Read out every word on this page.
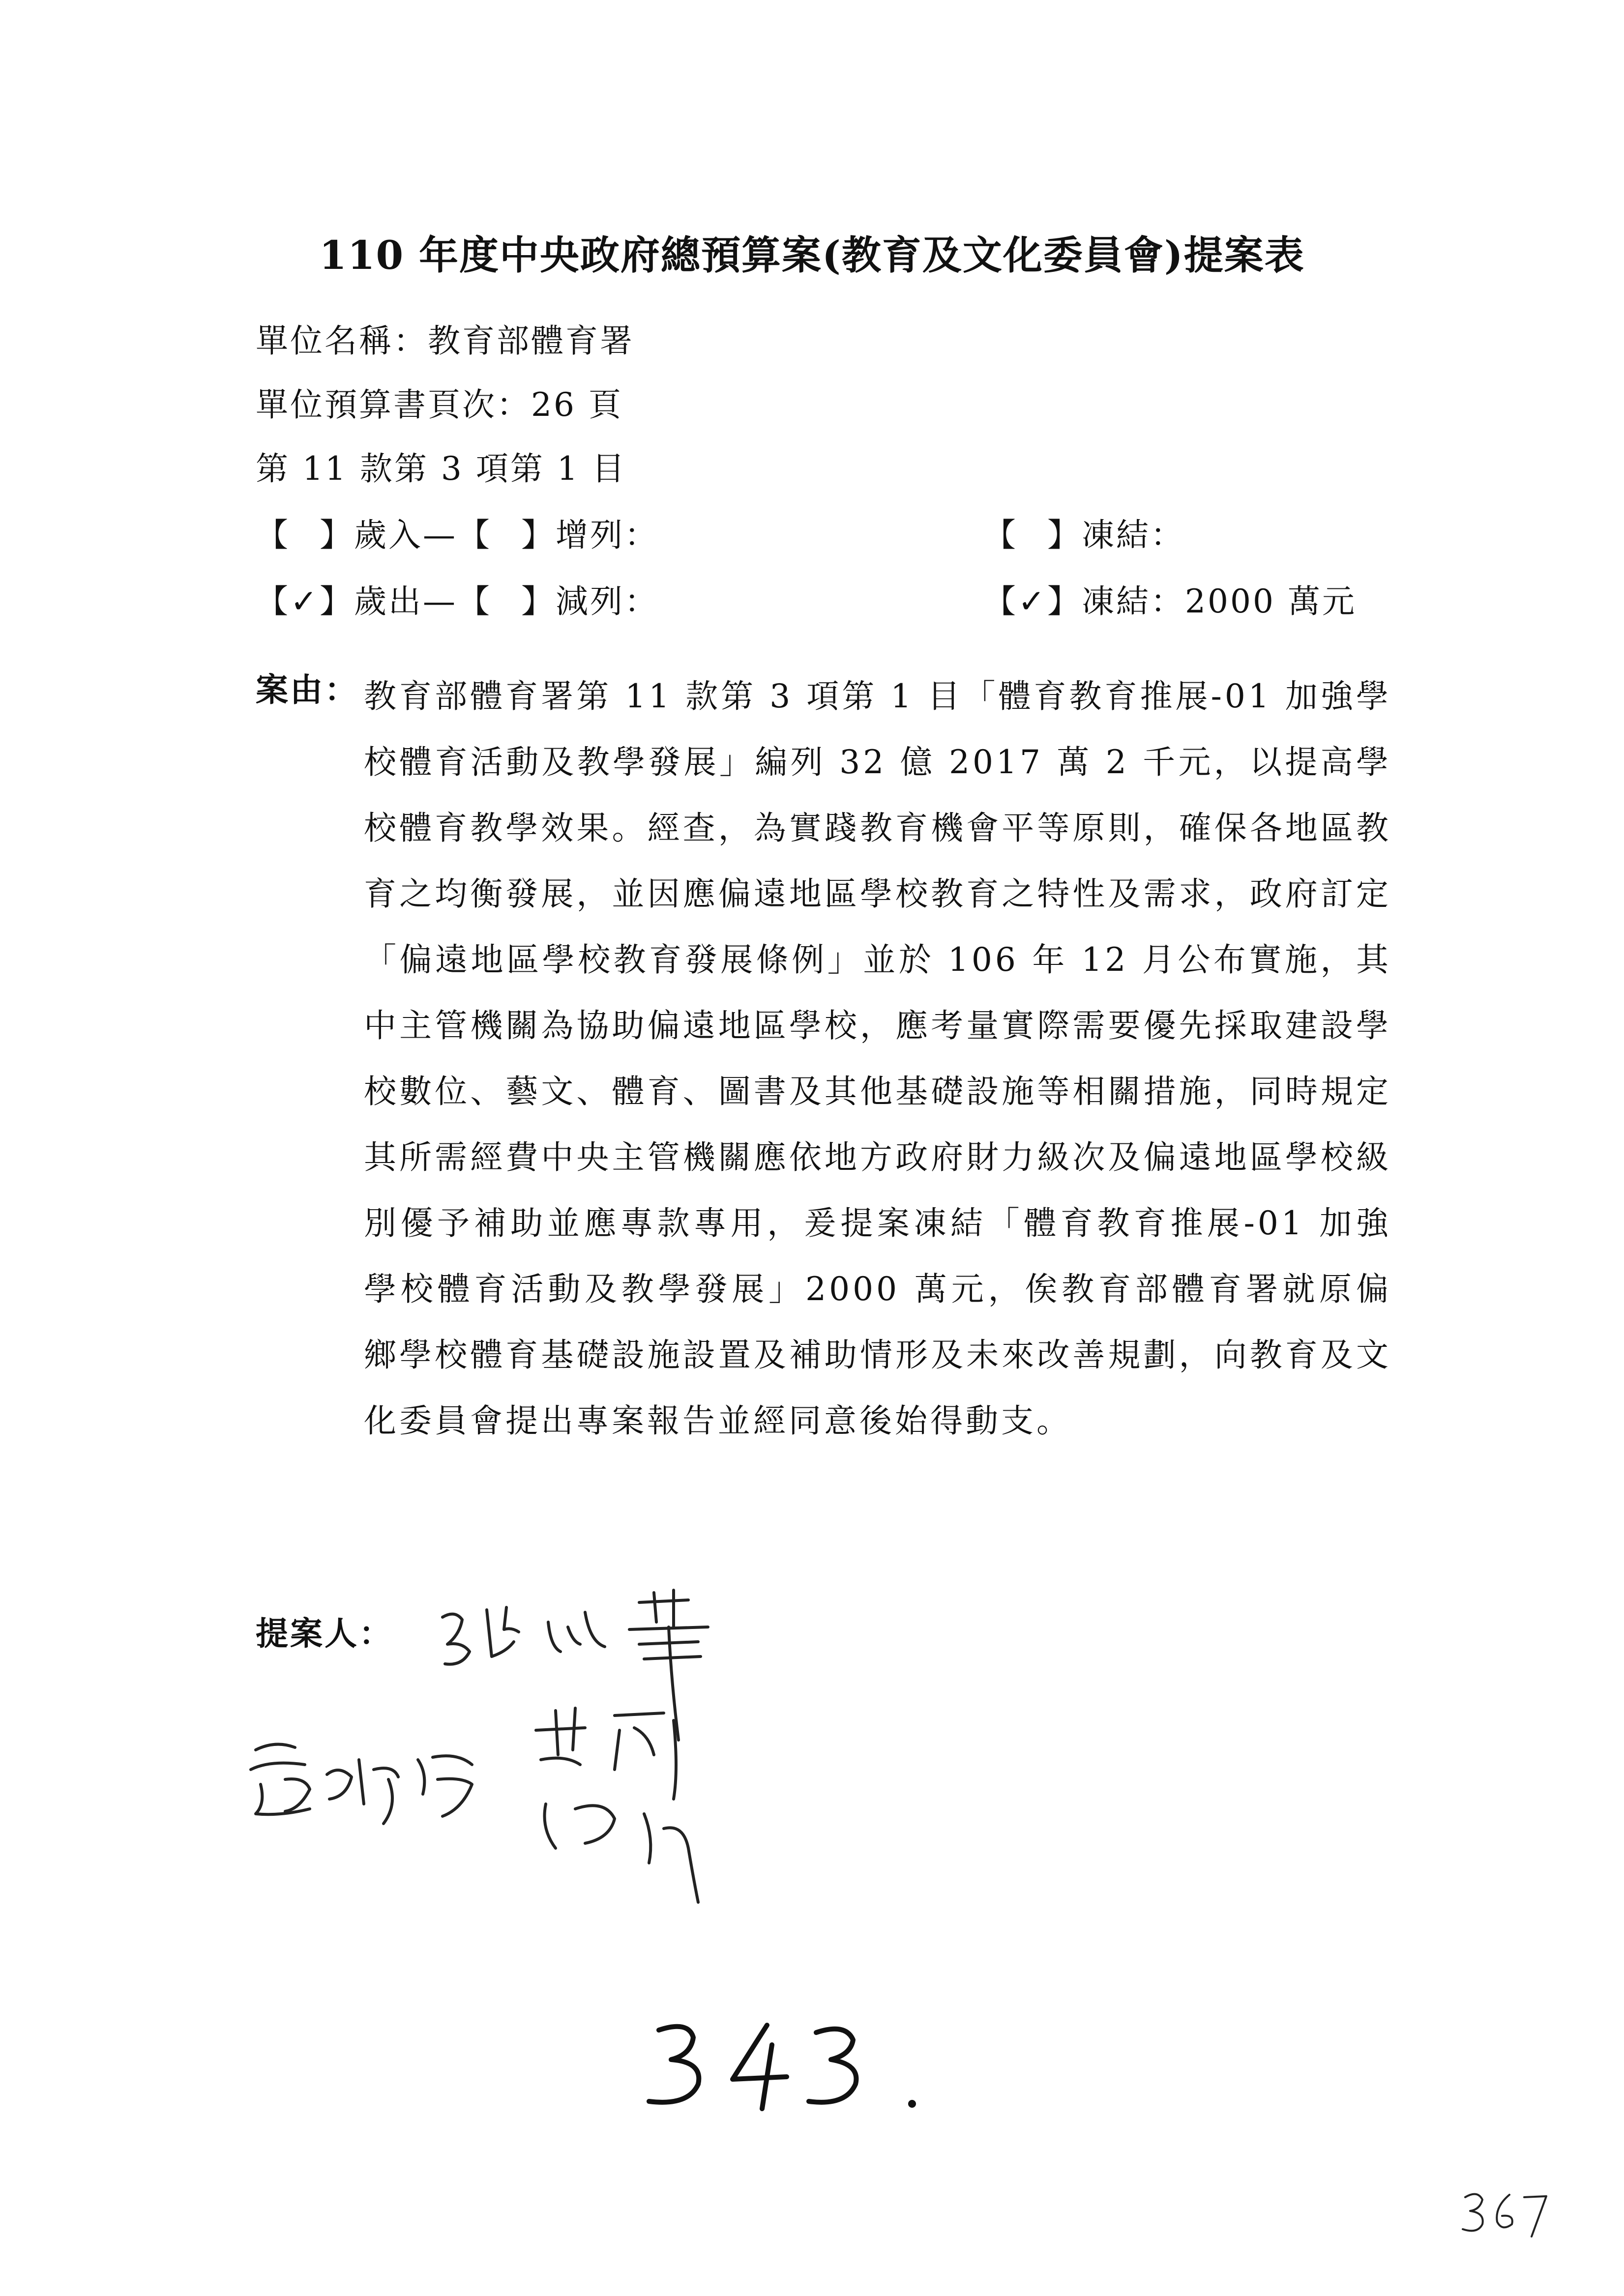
110 年度中央政府總預算案(教育及文化委員會)提案表
單位名稱：教育部體育署
單位預算書頁次：26 頁
第 11 款第 3 項第 1 目
【 】歲入—【 】增列：	【 】凍結：
【✓】歲出—【 】減列：	【✓】凍結：2000 萬元
案由： 教育部體育署第 11 款第 3 項第 1 目「體育教育推展-01 加強學校體育活動及教學發展」編列 32 億 2017 萬 2 千元，以提高學校體育教學效果。經查，為實踐教育機會平等原則，確保各地區教育之均衡發展，並因應偏遠地區學校教育之特性及需求，政府訂定「偏遠地區學校教育發展條例」並於 106 年 12 月公布實施，其中主管機關為協助偏遠地區學校，應考量實際需要優先採取建設學校數位、藝文、體育、圖書及其他基礎設施等相關措施，同時規定其所需經費中央主管機關應依地方政府財力級次及偏遠地區學校級別優予補助並應專款專用，爰提案凍結「體育教育推展-01 加強學校體育活動及教學發展」2000 萬元，俟教育部體育署就原偏鄉學校體育基礎設施設置及補助情形及未來改善規劃，向教育及文化委員會提出專案報告並經同意後始得動支。

提案人：
